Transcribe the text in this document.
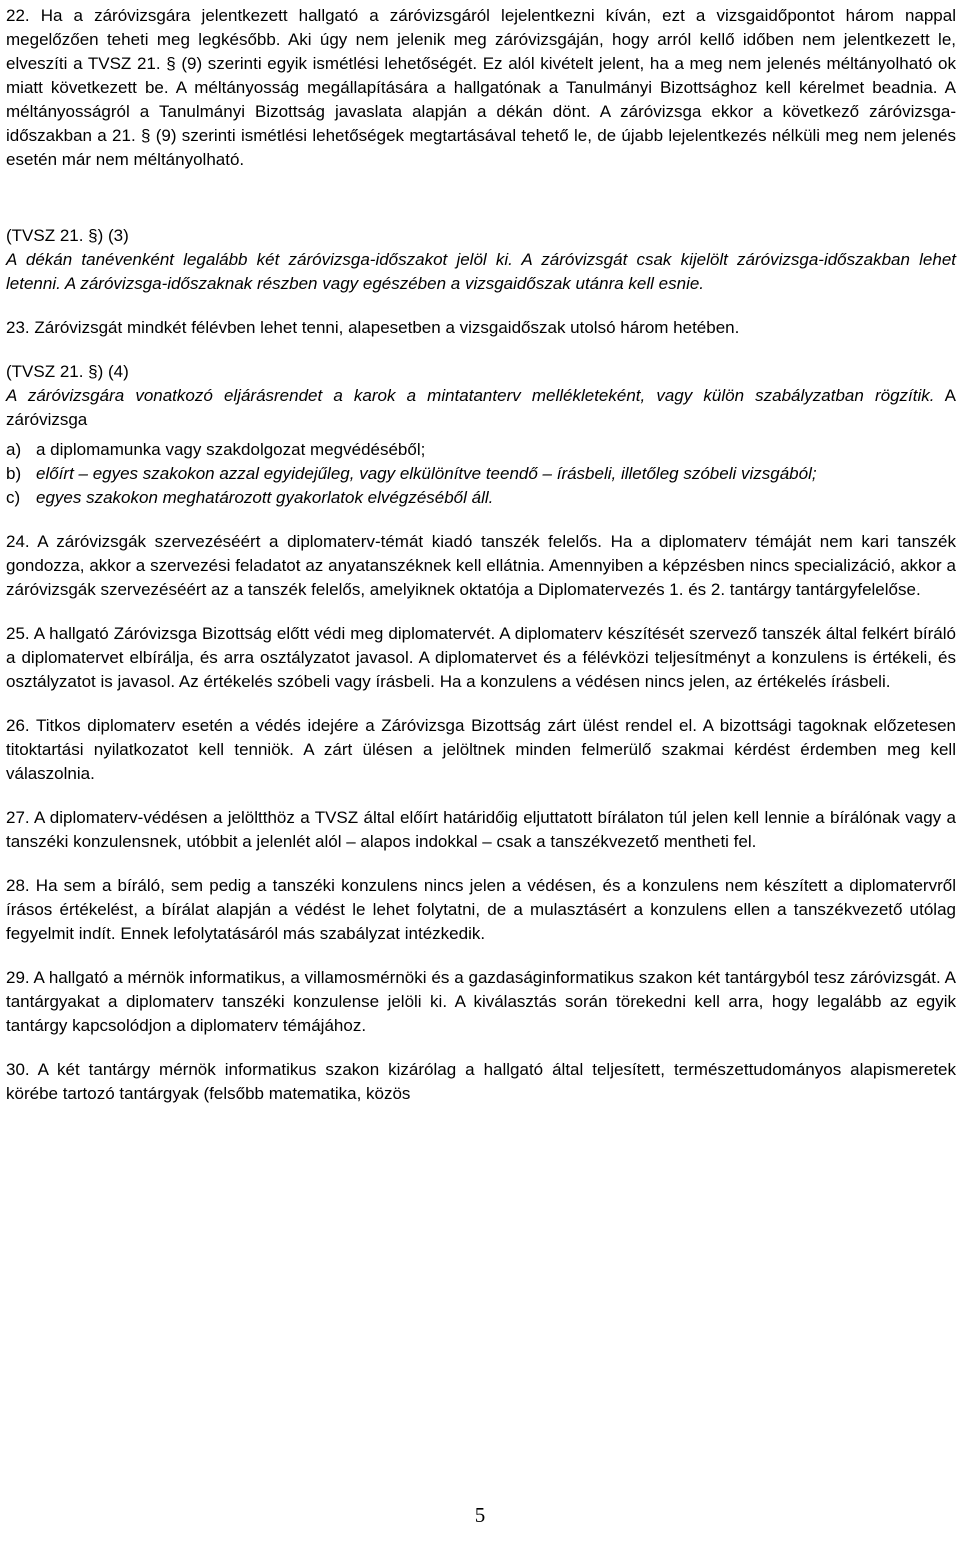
22. Ha a záróvizsgára jelentkezett hallgató a záróvizsgáról lejelentkezni kíván, ezt a vizsgaidőpontot három nappal megelőzően teheti meg legkésőbb. Aki úgy nem jelenik meg záróvizsgáján, hogy arról kellő időben nem jelentkezett le, elveszíti a TVSZ 21. § (9) szerinti egyik ismétlési lehetőségét. Ez alól kivételt jelent, ha a meg nem jelenés méltányolható ok miatt következett be. A méltányosság megállapítására a hallgatónak a Tanulmányi Bizottsághoz kell kérelmet beadnia. A méltányosságról a Tanulmányi Bizottság javaslata alapján a dékán dönt. A záróvizsga ekkor a következő záróvizsga-időszakban a 21. § (9) szerinti ismétlési lehetőségek megtartásával tehető le, de újabb lejelentkezés nélküli meg nem jelenés esetén már nem méltányolható.

(TVSZ 21. §) (3)

A dékán tanévenként legalább két záróvizsga-időszakot jelöl ki. A záróvizsgát csak kijelölt záróvizsga-időszakban lehet letenni. A záróvizsga-időszaknak részben vagy egészében a vizsgaidőszak utánra kell esnie.

23. Záróvizsgát mindkét félévben lehet tenni, alapesetben a vizsgaidőszak utolsó három hetében.

(TVSZ 21. §) (4)

A záróvizsgára vonatkozó eljárásrendet a karok a mintatanterv mellékleteként, vagy külön szabályzatban rögzítik. A záróvizsga

a) a diplomamunka vagy szakdolgozat megvédéséből;
b) előírt – egyes szakokon azzal egyidejűleg, vagy elkülönítve teendő – írásbeli, illetőleg szóbeli vizsgából;
c) egyes szakokon meghatározott gyakorlatok elvégzéséből áll.

24. A záróvizsgák szervezéséért a diplomaterv-témát kiadó tanszék felelős. Ha a diplomaterv témáját nem kari tanszék gondozza, akkor a szervezési feladatot az anyatanszéknek kell ellátnia. Amennyiben a képzésben nincs specializáció, akkor a záróvizsgák szervezéséért az a tanszék felelős, amelyiknek oktatója a Diplomatervezés 1. és 2. tantárgy tantárgyfelelőse.

25. A hallgató Záróvizsga Bizottság előtt védi meg diplomatervét. A diplomaterv készítését szervező tanszék által felkért bíráló a diplomatervet elbírálja, és arra osztályzatot javasol. A diplomatervet és a félévközi teljesítményt a konzulens is értékeli, és osztályzatot is javasol. Az értékelés szóbeli vagy írásbeli. Ha a konzulens a védésen nincs jelen, az értékelés írásbeli.

26. Titkos diplomaterv esetén a védés idejére a Záróvizsga Bizottság zárt ülést rendel el. A bizottsági tagoknak előzetesen titoktartási nyilatkozatot kell tenniök. A zárt ülésen a jelöltnek minden felmerülő szakmai kérdést érdemben meg kell válaszolnia.

27. A diplomaterv-védésen a jelöltthöz a TVSZ által előírt határidőig eljuttatott bírálaton túl jelen kell lennie a bírálónak vagy a tanszéki konzulensnek, utóbbit a jelenlét alól – alapos indokkal – csak a tanszékvezető mentheti fel.

28. Ha sem a bíráló, sem pedig a tanszéki konzulens nincs jelen a védésen, és a konzulens nem készített a diplomatervről írásos értékelést, a bírálat alapján a védést le lehet folytatni, de a mulasztásért a konzulens ellen a tanszékvezető utólag fegyelmit indít. Ennek lefolytatásáról más szabályzat intézkedik.

29. A hallgató a mérnök informatikus, a villamosmérnöki és a gazdaságinformatikus szakon két tantárgyból tesz záróvizsgát. A tantárgyakat a diplomaterv tanszéki konzulense jelöli ki. A kiválasztás során törekedni kell arra, hogy legalább az egyik tantárgy kapcsolódjon a diplomaterv témájához.

30. A két tantárgy mérnök informatikus szakon kizárólag a hallgató által teljesített, természettudományos alapismeretek körébe tartozó tantárgyak (felsőbb matematika, közös

5
